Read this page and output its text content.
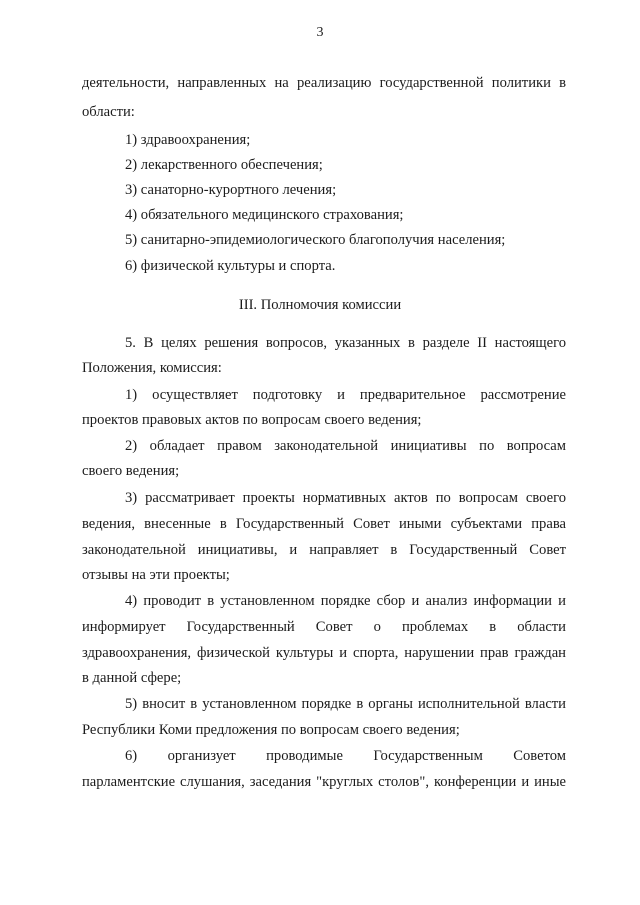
3
деятельности, направленных на реализацию государственной политики в
области:
1) здравоохранения;
2) лекарственного обеспечения;
3) санаторно-курортного лечения;
4) обязательного медицинского страхования;
5) санитарно-эпидемиологического благополучия населения;
6) физической культуры и спорта.
III. Полномочия комиссии
5. В целях решения вопросов, указанных в разделе II настоящего
Положения, комиссия:
1) осуществляет подготовку и предварительное рассмотрение
проектов правовых актов по вопросам своего ведения;
2) обладает правом законодательной инициативы по вопросам
своего ведения;
3) рассматривает проекты нормативных актов по вопросам своего
ведения, внесенные в Государственный Совет иными субъектами права
законодательной инициативы, и направляет в Государственный Совет
отзывы на эти проекты;
4) проводит в установленном порядке сбор и анализ информации и
информирует Государственный Совет о проблемах в области
здравоохранения, физической культуры и спорта, нарушении прав граждан
в данной сфере;
5) вносит в установленном порядке в органы исполнительной власти
Республики Коми предложения по вопросам своего ведения;
6) организует проводимые Государственным Советом
парламентские слушания, заседания "круглых столов", конференции и иные
